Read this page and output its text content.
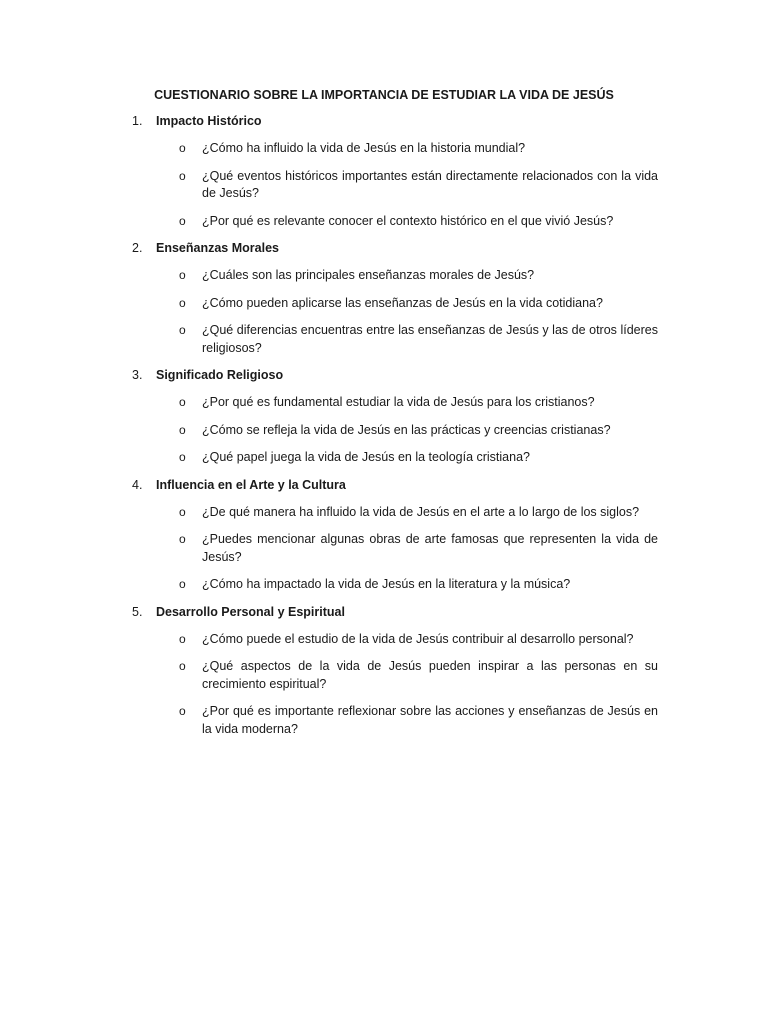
CUESTIONARIO SOBRE LA IMPORTANCIA DE ESTUDIAR LA VIDA DE JESÚS
1.	Impacto Histórico
o	¿Cómo ha influido la vida de Jesús en la historia mundial?
o	¿Qué eventos históricos importantes están directamente relacionados con la vida de Jesús?
o	¿Por qué es relevante conocer el contexto histórico en el que vivió Jesús?
2.	Enseñanzas Morales
o	¿Cuáles son las principales enseñanzas morales de Jesús?
o	¿Cómo pueden aplicarse las enseñanzas de Jesús en la vida cotidiana?
o	¿Qué diferencias encuentras entre las enseñanzas de Jesús y las de otros líderes religiosos?
3.	Significado Religioso
o	¿Por qué es fundamental estudiar la vida de Jesús para los cristianos?
o	¿Cómo se refleja la vida de Jesús en las prácticas y creencias cristianas?
o	¿Qué papel juega la vida de Jesús en la teología cristiana?
4.	Influencia en el Arte y la Cultura
o	¿De qué manera ha influido la vida de Jesús en el arte a lo largo de los siglos?
o	¿Puedes mencionar algunas obras de arte famosas que representen la vida de Jesús?
o	¿Cómo ha impactado la vida de Jesús en la literatura y la música?
5.	Desarrollo Personal y Espiritual
o	¿Cómo puede el estudio de la vida de Jesús contribuir al desarrollo personal?
o	¿Qué aspectos de la vida de Jesús pueden inspirar a las personas en su crecimiento espiritual?
o	¿Por qué es importante reflexionar sobre las acciones y enseñanzas de Jesús en la vida moderna?
